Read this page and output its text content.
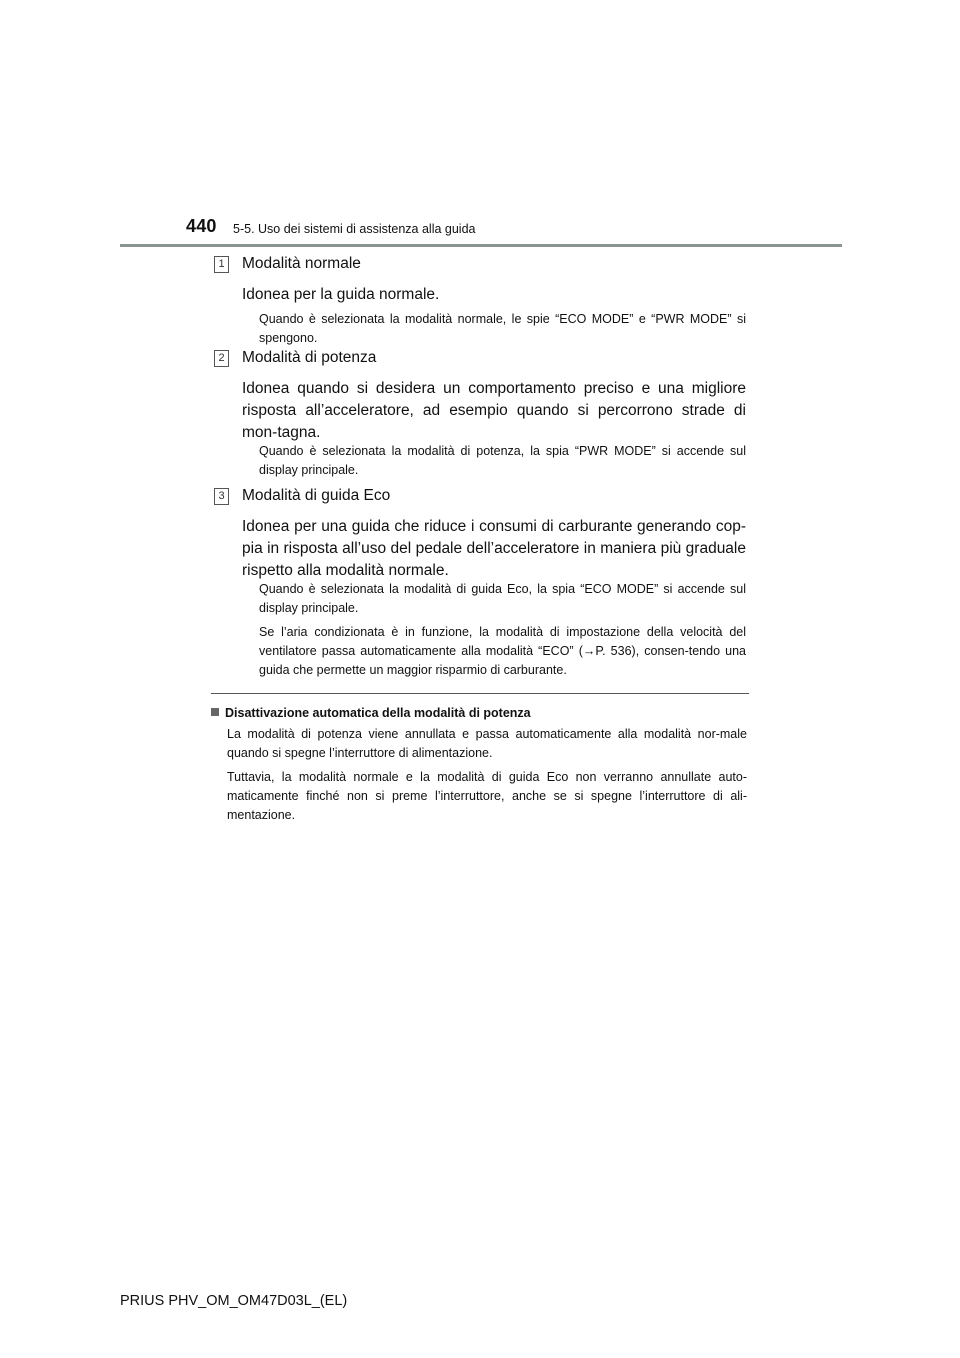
440 5-5. Uso dei sistemi di assistenza alla guida
1 Modalità normale
Idonea per la guida normale.
Quando è selezionata la modalità normale, le spie “ECO MODE” e “PWR MODE” si spengono.
2 Modalità di potenza
Idonea quando si desidera un comportamento preciso e una migliore risposta all’acceleratore, ad esempio quando si percorrono strade di mon-tagna.
Quando è selezionata la modalità di potenza, la spia “PWR MODE” si accende sul display principale.
3 Modalità di guida Eco
Idonea per una guida che riduce i consumi di carburante generando cop-pia in risposta all’uso del pedale dell’acceleratore in maniera più graduale rispetto alla modalità normale.
Quando è selezionata la modalità di guida Eco, la spia “ECO MODE” si accende sul display principale.
Se l’aria condizionata è in funzione, la modalità di impostazione della velocità del ventilatore passa automaticamente alla modalità “ECO” (→P. 536), consen-tendo una guida che permette un maggior risparmio di carburante.
Disattivazione automatica della modalità di potenza
La modalità di potenza viene annullata e passa automaticamente alla modalità nor-male quando si spegne l’interruttore di alimentazione.
Tuttavia, la modalità normale e la modalità di guida Eco non verranno annullate auto-maticamente finché non si preme l’interruttore, anche se si spegne l’interruttore di ali-mentazione.
PRIUS PHV_OM_OM47D03L_(EL)
